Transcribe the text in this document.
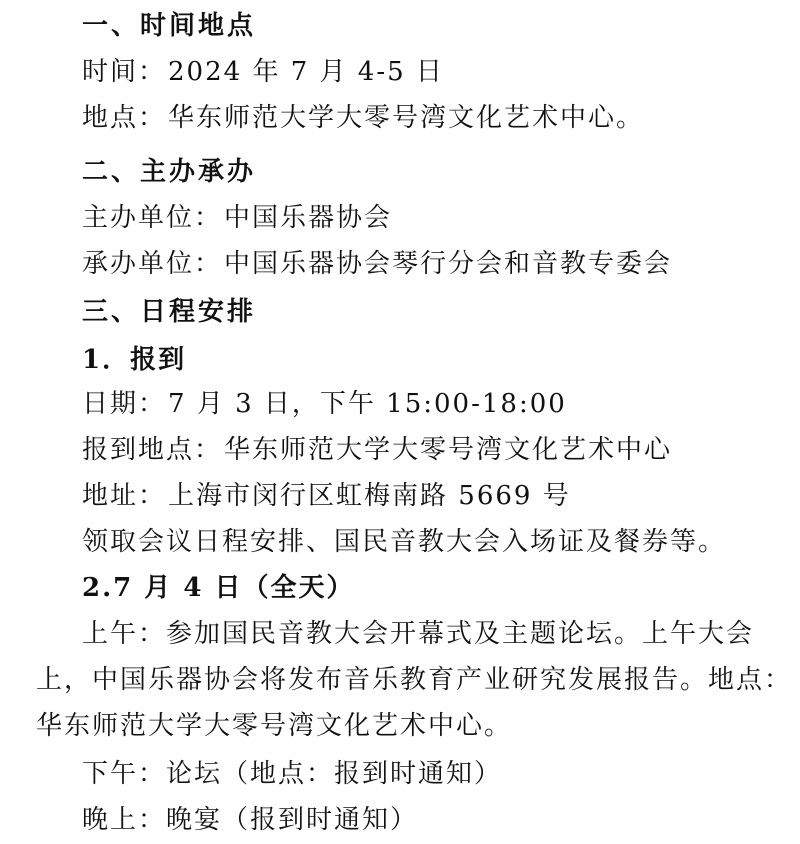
一、时间地点
时间：2024 年 7 月 4-5 日
地点：华东师范大学大零号湾文化艺术中心。
二、主办承办
主办单位：中国乐器协会
承办单位：中国乐器协会琴行分会和音教专委会
三、日程安排
1．报到
日期：7 月 3 日，下午 15:00-18:00
报到地点：华东师范大学大零号湾文化艺术中心
地址：上海市闵行区虹梅南路 5669 号
领取会议日程安排、国民音教大会入场证及餐券等。
2.7 月 4 日（全天）
上午：参加国民音教大会开幕式及主题论坛。上午大会
上，中国乐器协会将发布音乐教育产业研究发展报告。地点：
华东师范大学大零号湾文化艺术中心。
下午：论坛（地点：报到时通知）
晚上：晚宴（报到时通知）
